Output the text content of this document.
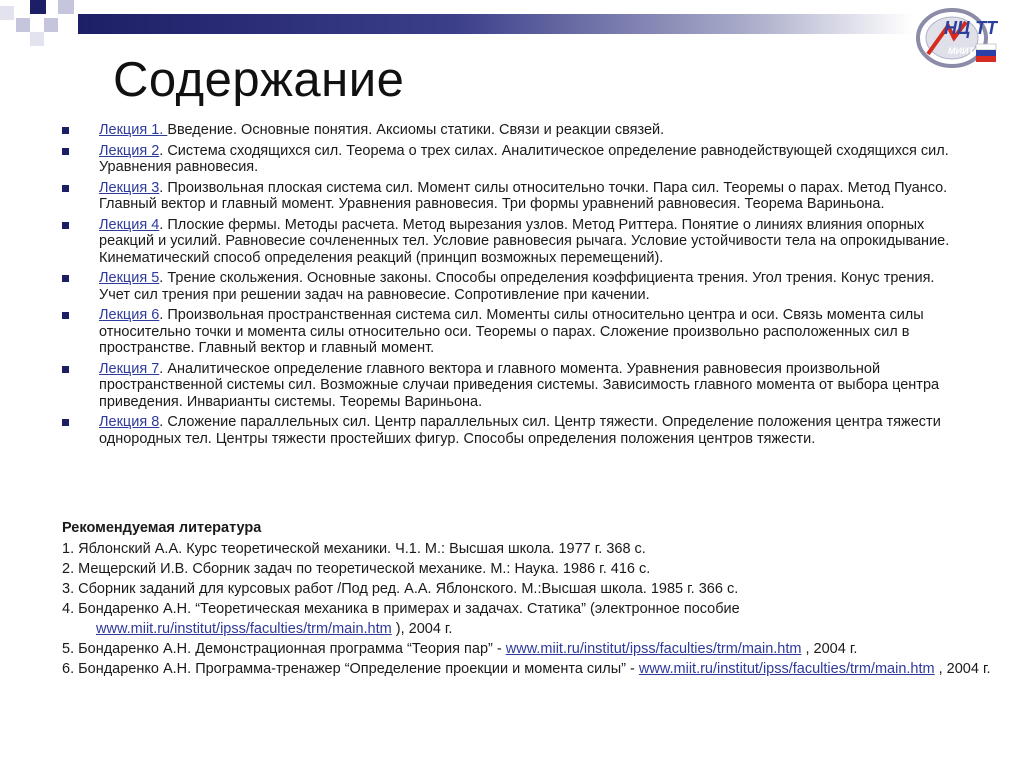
НЦ ТТ
МИИТ
Содержание
Лекция 1. Введение. Основные понятия. Аксиомы статики. Связи и реакции связей.
Лекция 2. Система сходящихся сил. Теорема о трех силах. Аналитическое определение равнодействующей сходящихся сил. Уравнения равновесия.
Лекция 3. Произвольная плоская система сил. Момент силы относительно точки. Пара сил. Теоремы о парах. Метод Пуансо. Главный вектор и главный момент. Уравнения равновесия. Три формы уравнений равновесия. Теорема Вариньона.
Лекция 4. Плоские фермы. Методы расчета. Метод вырезания узлов. Метод Риттера. Понятие о линиях влияния опорных реакций и усилий. Равновесие сочлененных тел. Условие равновесия рычага. Условие устойчивости тела на опрокидывание. Кинематический способ определения реакций (принцип возможных перемещений).
Лекция 5. Трение скольжения. Основные законы. Способы определения коэффициента трения. Угол трения. Конус трения. Учет сил трения при решении задач на равновесие. Сопротивление при качении.
Лекция 6. Произвольная пространственная система сил. Моменты силы относительно центра и оси. Связь момента силы относительно точки и момента силы относительно оси. Теоремы о парах. Сложение произвольно расположенных сил в пространстве. Главный вектор и главный момент.
Лекция 7. Аналитическое определение главного вектора и главного момента. Уравнения равновесия произвольной пространственной системы сил. Возможные случаи приведения системы. Зависимость главного момента от выбора центра приведения. Инварианты системы. Теоремы Вариньона.
Лекция 8. Сложение параллельных сил. Центр параллельных сил. Центр тяжести. Определение положения центра тяжести однородных тел. Центры тяжести простейших фигур. Способы определения положения центров тяжести.
Рекомендуемая литература
1. Яблонский А.А. Курс теоретической механики. Ч.1. М.: Высшая школа. 1977 г. 368 с.
2. Мещерский И.В. Сборник задач по теоретической механике. М.: Наука. 1986 г. 416 с.
3. Сборник заданий для курсовых работ /Под ред. А.А. Яблонского. М.:Высшая школа. 1985 г. 366 с.
4. Бондаренко А.Н. “Теоретическая механика в примерах и задачах. Статика” (электронное пособие www.miit.ru/institut/ipss/faculties/trm/main.htm ), 2004 г.
5. Бондаренко А.Н. Демонстрационная программа “Теория пар” - www.miit.ru/institut/ipss/faculties/trm/main.htm , 2004 г.
6. Бондаренко А.Н. Программа-тренажер “Определение проекции и момента силы” - www.miit.ru/institut/ipss/faculties/trm/main.htm , 2004 г.
